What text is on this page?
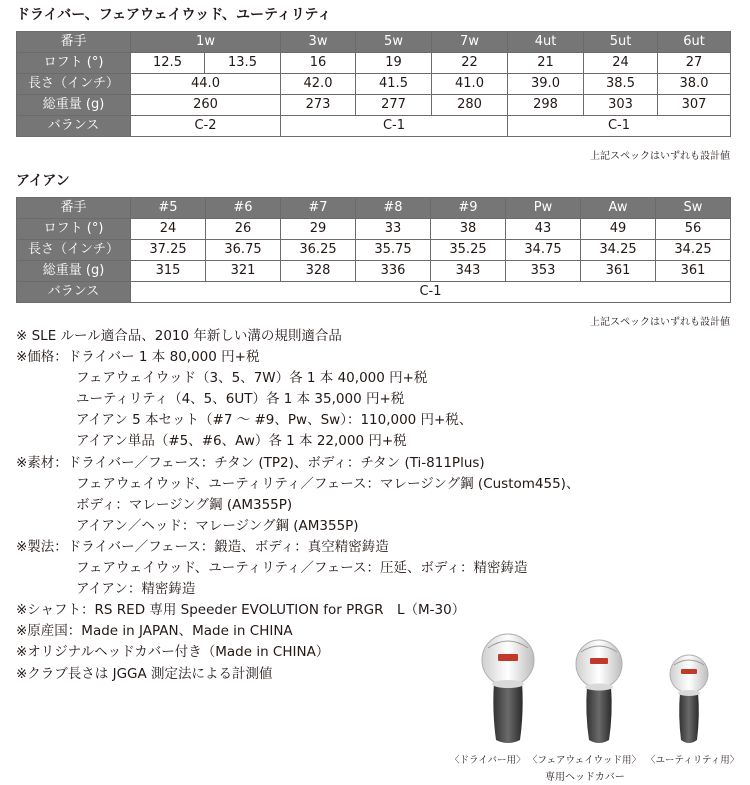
ドライバー、フェアウェイウッド、ユーティリティ
番手	1w		3w	5w	7w	4ut	5ut	6ut
ロフト (°)	12.5	13.5	16	19	22	21	24	27
長さ（インチ）	44.0		42.0	41.5	41.0	39.0	38.5	38.0
総重量 (g)	260		273	277	280	298	303	307
バランス	C-2		C-1			C-1		

上記スペックはいずれも設計値

アイアン
番手	#5	#6	#7	#8	#9	Pw	Aw	Sw
ロフト (°)	24	26	29	33	38	43	49	56
長さ（インチ）	37.25	36.75	36.25	35.75	35.25	34.75	34.25	34.25
総重量 (g)	315	321	328	336	343	353	361	361
バランス	C-1							

上記スペックはいずれも設計値

※ SLE ルール適合品、2010 年新しい溝の規則適合品
※価格：ドライバー 1 本 80,000 円+税
フェアウェイウッド（3、5、7W）各 1 本 40,000 円+税
ユーティリティ（4、5、6UT）各 1 本 35,000 円+税
アイアン 5 本セット（#7 ～ #9、Pw、Sw）：110,000 円+税、
アイアン単品（#5、#6、Aw）各 1 本 22,000 円+税
※素材：ドライバー／フェース：チタン (TP2)、ボディ：チタン (Ti-811Plus)
フェアウェイウッド、ユーティリティ／フェース：マレージング鋼 (Custom455)、
ボディ：マレージング鋼 (AM355P)
アイアン／ヘッド：マレージング鋼 (AM355P)
※製法：ドライバー／フェース：鍛造、ボディ：真空精密鋳造
フェアウェイウッド、ユーティリティ／フェース：圧延、ボディ：精密鋳造
アイアン：精密鋳造
※シャフト：RS RED 専用 Speeder EVOLUTION for PRGR　L（M-30）
※原産国：Made in JAPAN、Made in CHINA
※オリジナルヘッドカバー付き（Made in CHINA）
※クラブ長さは JGGA 測定法による計測値
〈ドライバー用〉 〈フェアウェイウッド用〉 〈ユーティリティ用〉
専用ヘッドカバー
